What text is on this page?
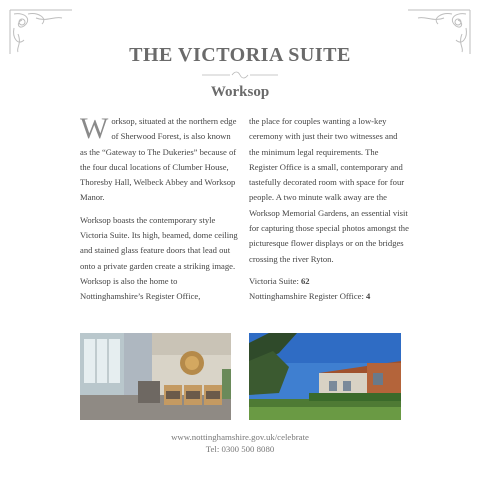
THE VICTORIA SUITE
Worksop

Worksop, situated at the northern edge of Sherwood Forest, is also known as the “Gateway to The Dukeries” because of the four ducal locations of Clumber House, Thoresby Hall, Welbeck Abbey and Worksop Manor.

Worksop boasts the contemporary style Victoria Suite. Its high, beamed, dome ceiling and stained glass feature doors that lead out onto a private garden create a striking image. Worksop is also the home to Nottinghamshire’s Register Office,

the place for couples wanting a low-key ceremony with just their two witnesses and the minimum legal requirements. The Register Office is a small, contemporary and tastefully decorated room with space for four people. A two minute walk away are the Worksop Memorial Gardens, an essential visit for capturing those special photos amongst the picturesque flower displays or on the bridges crossing the river Ryton.

Victoria Suite: 62
Nottinghamshire Register Office: 4
www.nottinghamshire.gov.uk/celebrate
Tel: 0300 500 8080
